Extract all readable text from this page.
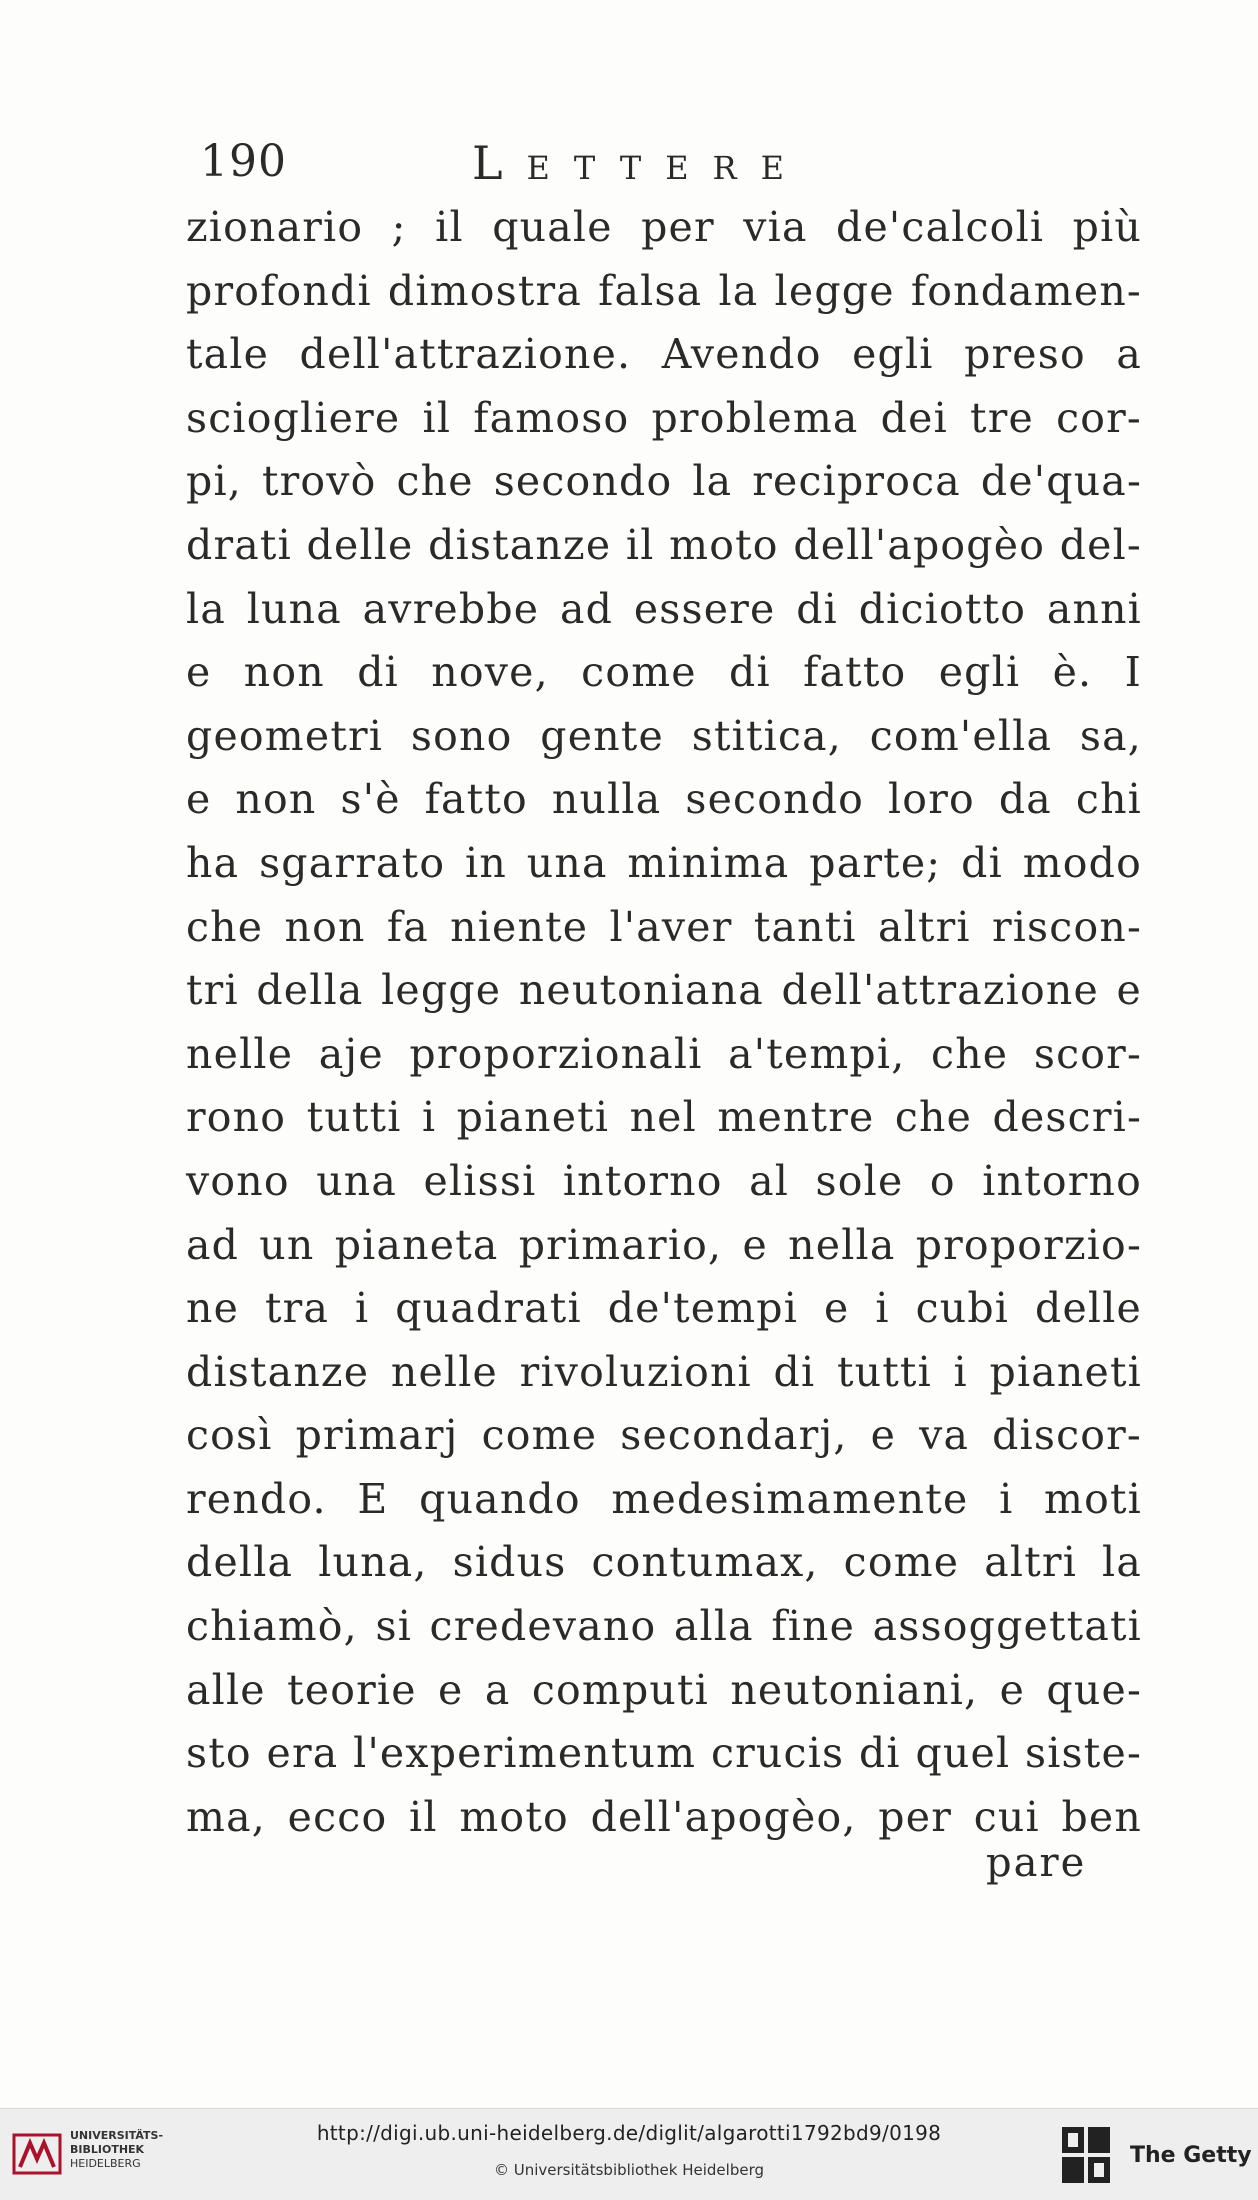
190	Lettere
zionario ; il quale per via de'calcoli più
profondi dimostra falsa la legge fondamen-
tale dell'attrazione. Avendo egli preso a
sciogliere il famoso problema dei tre cor-
pi, trovò che secondo la reciproca de'qua-
drati delle distanze il moto dell'apogèo del-
la luna avrebbe ad essere di diciotto anni
e non di nove, come di fatto egli è. I
geometri sono gente stitica, com'ella sa,
e non s'è fatto nulla secondo loro da chi
ha sgarrato in una minima parte; di modo
che non fa niente l'aver tanti altri riscon-
tri della legge neutoniana dell'attrazione e
nelle aje proporzionali a'tempi, che scor-
rono tutti i pianeti nel mentre che descri-
vono una elissi intorno al sole o intorno
ad un pianeta primario, e nella proporzio-
ne tra i quadrati de'tempi e i cubi delle
distanze nelle rivoluzioni di tutti i pianeti
così primarj come secondarj, e va discor-
rendo. E quando medesimamente i moti
della luna, sidus contumax, come altri la
chiamò, si credevano alla fine assoggettati
alle teorie e a computi neutoniani, e que-
sto era l'experimentum crucis di quel siste-
ma, ecco il moto dell'apogèo, per cui ben
pare
UNIVERSITÄTS-
BIBLIOTHEK
HEIDELBERG
http://digi.ub.uni-heidelberg.de/diglit/algarotti1792bd9/0198
© Universitätsbibliothek Heidelberg
The Getty
